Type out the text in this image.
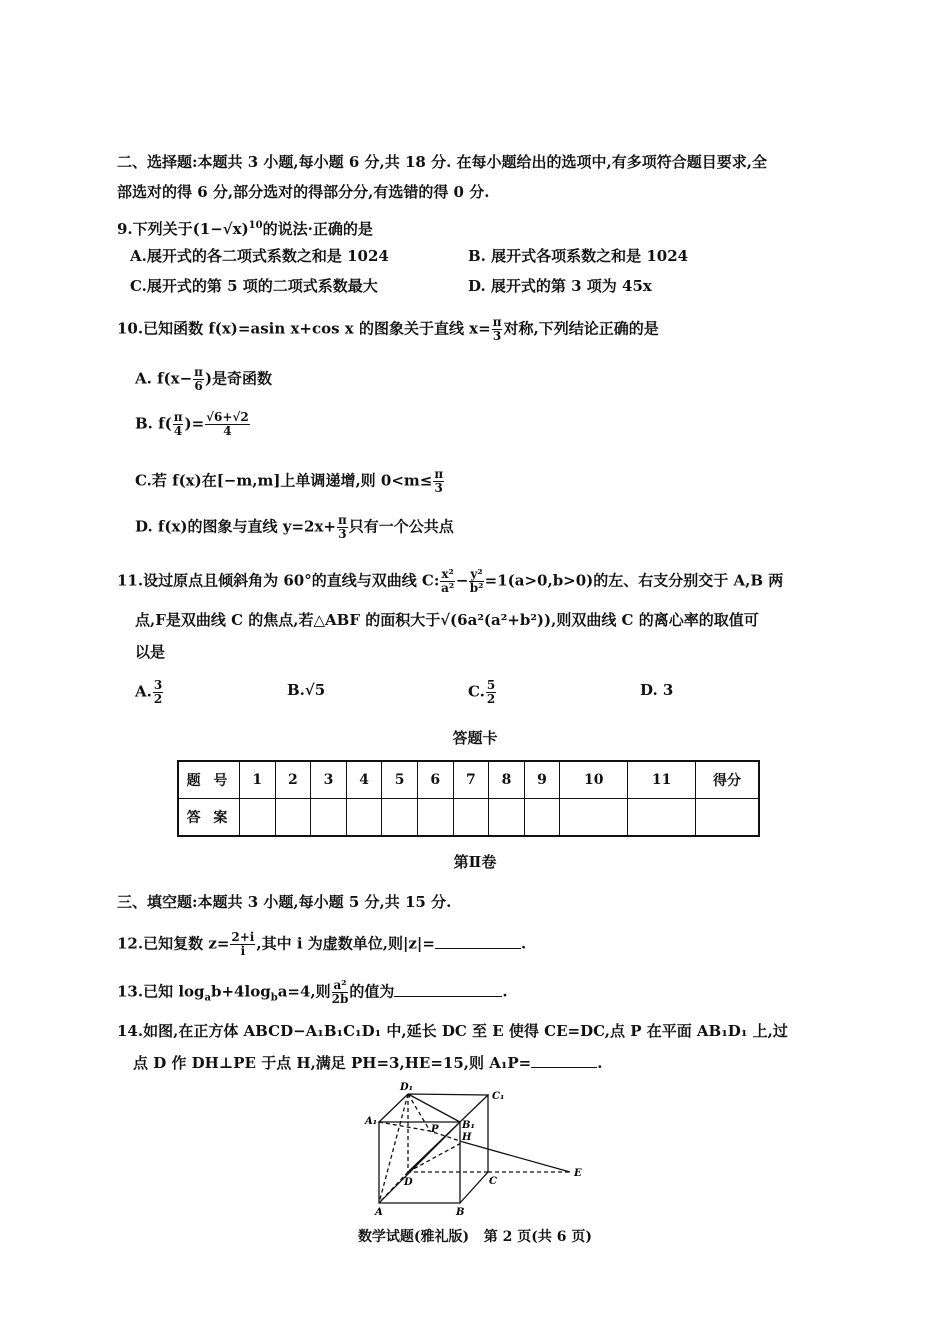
二、选择题:本题共 3 小题,每小题 6 分,共 18 分. 在每小题给出的选项中,有多项符合题目要求,全
部选对的得 6 分,部分选对的得部分分,有选错的得 0 分.
9.下列关于$(1-√x)^{10}$的说法·正确的是
A.展开式的各二项式系数之和是 1024	B. 展开式各项系数之和是 1024
C.展开式的第 5 项的二项式系数最大	D. 展开式的第 3 项为 45x
10.已知函数 f(x)=asin x+cos x 的图象关于直线 $x= \frac{\pi}{3}$ 对称,下列结论正确的是
A. $f(x- \frac{\pi}{6}$ )是奇函数
B. $f( \frac{\pi}{4}$ )= $\frac{√6+√2}{4}$
C.若 f(x)在[−m,m]上单调递增,则 $0<m\le \frac{\pi}{3}$
D. f(x)的图象与直线 $y=2x+ \frac{\pi}{3}$ 只有一个公共点
11.设过原点且倾斜角为 60°的直线与双曲线 C: $\frac{\text{x²}}{\text{a²}} - \frac{\text{y²}}{\text{b²}} =1(a>0,b>0)$的左、右支分别交于 A,B 两
点,F是双曲线 C 的焦点,若△ABF 的面积大于√(6a²(a²+b²)),则双曲线 C 的离心率的取值可
以是
A. $\frac{3}{2}$	B.√5	C. $\frac{5}{2}$	D. 3
答题卡
题 号	1	2	3	4	5	6	7	8	9	10	11	得分
答 案												
第Ⅱ卷
三、填空题:本题共 3 小题,每小题 5 分,共 15 分.
12.已知复数 $z= \frac{2+i}{i}$ ,其中 i 为虚数单位,则|z|=	.
13.已知 $\log_ab+4\log_ba=4$,则 $\frac{\text{a²}}{2b}$ 的值为	.
14.如图,在正方体 ABCD−A₁B₁C₁D₁ 中,延长 DC 至 E 使得 CE=DC,点 P 在平面 AB₁D₁ 上,过
点 D 作 DH⊥PE 于点 H,满足 PH=3,HE=15,则 A₁P=	.
D₁
C₁
A₁	B₁
P
H
D	C
E
A	B
数学试题(雅礼版)   第 2 页(共 6 页)
